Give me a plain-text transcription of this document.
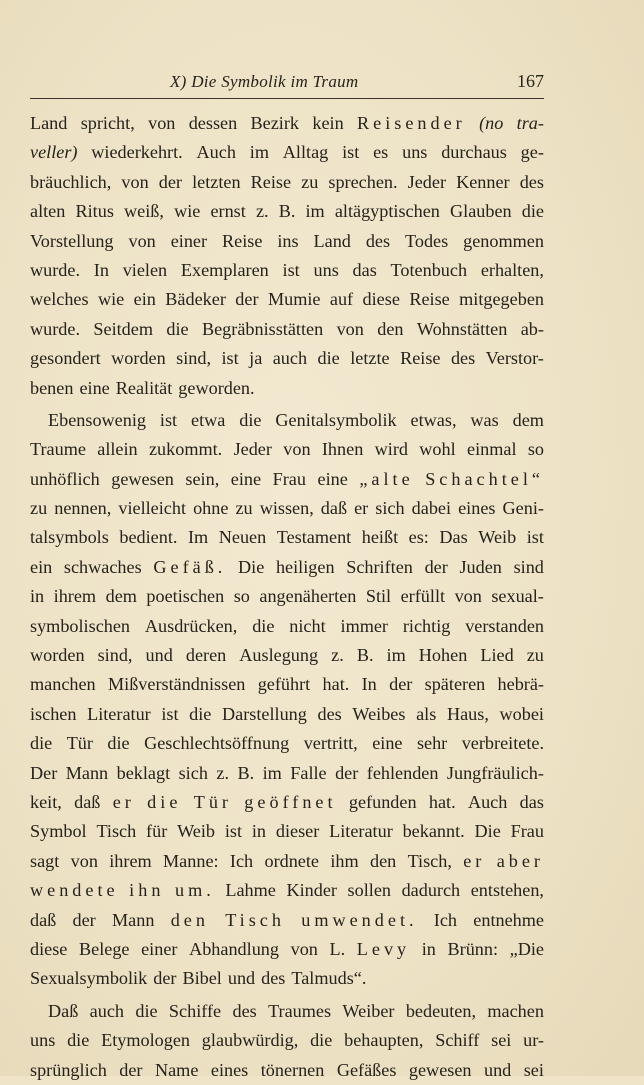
X) Die Symbolik im Traum	167
Land spricht, von dessen Bezirk kein Reisender (no tra-
veller) wiederkehrt. Auch im Alltag ist es uns durchaus ge-
bräuchlich, von der letzten Reise zu sprechen. Jeder Kenner des
alten Ritus weiß, wie ernst z. B. im altägyptischen Glauben die
Vorstellung von einer Reise ins Land des Todes genommen
wurde. In vielen Exemplaren ist uns das Totenbuch erhalten,
welches wie ein Bädeker der Mumie auf diese Reise mitgegeben
wurde. Seitdem die Begräbnisstätten von den Wohnstätten ab-
gesondert worden sind, ist ja auch die letzte Reise des Verstor-
benen eine Realität geworden.
Ebensowenig ist etwa die Genitalsymbolik etwas, was dem
Traume allein zukommt. Jeder von Ihnen wird wohl einmal so
unhöflich gewesen sein, eine Frau eine „alte Schachtel“
zu nennen, vielleicht ohne zu wissen, daß er sich dabei eines Geni-
talsymbols bedient. Im Neuen Testament heißt es: Das Weib ist
ein schwaches Gefäß. Die heiligen Schriften der Juden sind
in ihrem dem poetischen so angenäherten Stil erfüllt von sexual-
symbolischen Ausdrücken, die nicht immer richtig verstanden
worden sind, und deren Auslegung z. B. im Hohen Lied zu
manchen Mißverständnissen geführt hat. In der späteren hebrä-
ischen Literatur ist die Darstellung des Weibes als Haus, wobei
die Tür die Geschlechtsöffnung vertritt, eine sehr verbreitete.
Der Mann beklagt sich z. B. im Falle der fehlenden Jungfräulich-
keit, daß er die Tür geöffnet gefunden hat. Auch das
Symbol Tisch für Weib ist in dieser Literatur bekannt. Die Frau
sagt von ihrem Manne: Ich ordnete ihm den Tisch, er aber
wendete ihn um. Lahme Kinder sollen dadurch entstehen,
daß der Mann den Tisch umwendet. Ich entnehme
diese Belege einer Abhandlung von L. Levy in Brünn: „Die
Sexualsymbolik der Bibel und des Talmuds“.
Daß auch die Schiffe des Traumes Weiber bedeuten, machen
uns die Etymologen glaubwürdig, die behaupten, Schiff sei ur-
sprünglich der Name eines tönernen Gefäßes gewesen und sei
